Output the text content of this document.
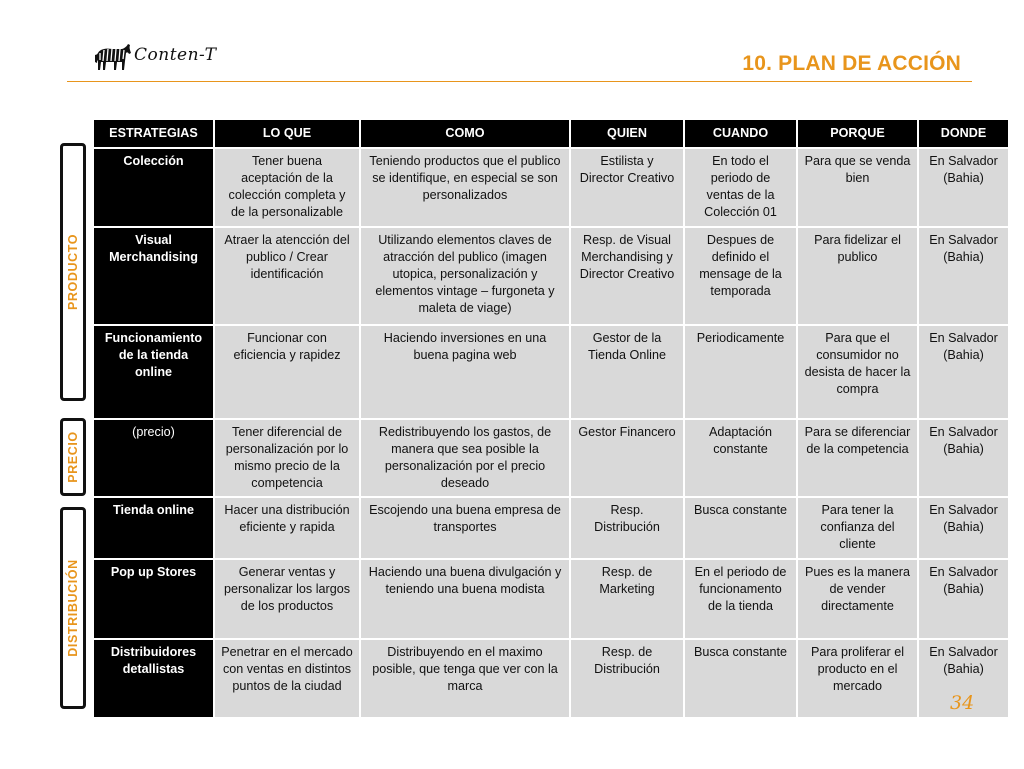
Conten-T	10. PLAN DE ACCIÓN
PRODUCTO
PRECIO
DISTRIBUCIÓN
ESTRATEGIAS	LO QUE	COMO	QUIEN	CUANDO	PORQUE	DONDE
Colección	Tener buena aceptación de la colección completa y de la personalizable	Teniendo productos que el publico se identifique, en especial se son personalizados	Estilista y Director Creativo	En todo el periodo de ventas de la Colección 01	Para que se venda bien	En Salvador (Bahia)
Visual Merchandising	Atraer la atencción del publico / Crear identificación	Utilizando elementos claves de atracción del publico (imagen utopica, personalización y elementos vintage – furgoneta y maleta de viage)	Resp. de Visual Merchandising y Director Creativo	Despues de definido el mensage de la temporada	Para fidelizar el publico	En Salvador (Bahia)
Funcionamiento de la tienda online	Funcionar con eficiencia y rapidez	Haciendo inversiones en una buena pagina web	Gestor de la Tienda Online	Periodicamente	Para que el consumidor no desista de hacer la compra	En Salvador (Bahia)
(precio)	Tener diferencial de personalización por lo mismo precio de la competencia	Redistribuyendo los gastos, de manera que sea posible la personalización por el precio deseado	Gestor Financero	Adaptación constante	Para se diferenciar de la competencia	En Salvador (Bahia)
Tienda online	Hacer una distribución eficiente y rapida	Escojendo una buena empresa de transportes	Resp. Distribución	Busca constante	Para tener la confianza del cliente	En Salvador (Bahia)
Pop up Stores	Generar ventas y personalizar los largos de los productos	Haciendo una buena divulgación y teniendo una buena modista	Resp. de Marketing	En el periodo de funcionamento de la tienda	Pues es la manera de vender directamente	En Salvador (Bahia)
Distribuidores detallistas	Penetrar en el mercado con ventas en distintos puntos de la ciudad	Distribuyendo en el maximo posible, que tenga que ver con la marca	Resp. de Distribución	Busca constante	Para proliferar el producto en el mercado	En Salvador (Bahia)
34
